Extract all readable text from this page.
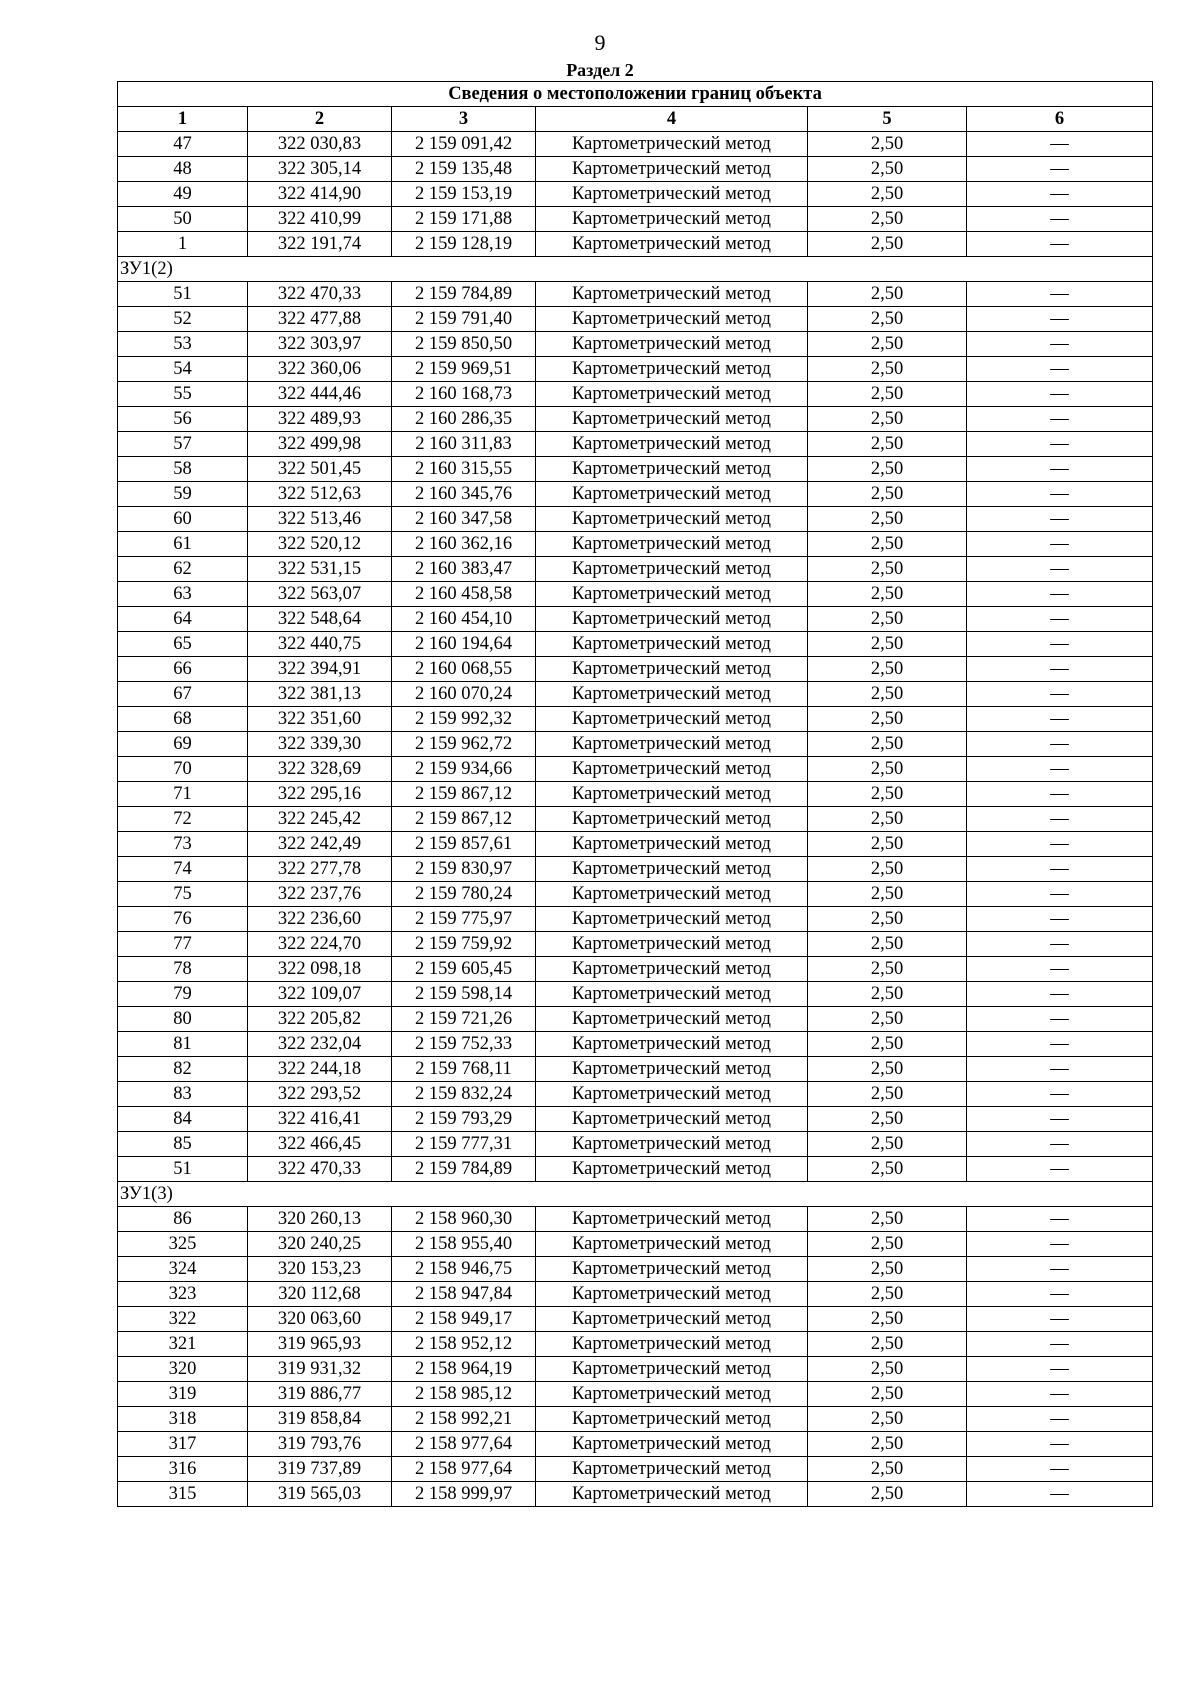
9
Раздел 2
Сведения о местоположении границ объекта					
1	2	3	4	5	6
47	322 030,83	2 159 091,42	Картометрический метод	2,50	—
48	322 305,14	2 159 135,48	Картометрический метод	2,50	—
49	322 414,90	2 159 153,19	Картометрический метод	2,50	—
50	322 410,99	2 159 171,88	Картометрический метод	2,50	—
1	322 191,74	2 159 128,19	Картометрический метод	2,50	—
ЗУ1(2)					
51	322 470,33	2 159 784,89	Картометрический метод	2,50	—
52	322 477,88	2 159 791,40	Картометрический метод	2,50	—
53	322 303,97	2 159 850,50	Картометрический метод	2,50	—
54	322 360,06	2 159 969,51	Картометрический метод	2,50	—
55	322 444,46	2 160 168,73	Картометрический метод	2,50	—
56	322 489,93	2 160 286,35	Картометрический метод	2,50	—
57	322 499,98	2 160 311,83	Картометрический метод	2,50	—
58	322 501,45	2 160 315,55	Картометрический метод	2,50	—
59	322 512,63	2 160 345,76	Картометрический метод	2,50	—
60	322 513,46	2 160 347,58	Картометрический метод	2,50	—
61	322 520,12	2 160 362,16	Картометрический метод	2,50	—
62	322 531,15	2 160 383,47	Картометрический метод	2,50	—
63	322 563,07	2 160 458,58	Картометрический метод	2,50	—
64	322 548,64	2 160 454,10	Картометрический метод	2,50	—
65	322 440,75	2 160 194,64	Картометрический метод	2,50	—
66	322 394,91	2 160 068,55	Картометрический метод	2,50	—
67	322 381,13	2 160 070,24	Картометрический метод	2,50	—
68	322 351,60	2 159 992,32	Картометрический метод	2,50	—
69	322 339,30	2 159 962,72	Картометрический метод	2,50	—
70	322 328,69	2 159 934,66	Картометрический метод	2,50	—
71	322 295,16	2 159 867,12	Картометрический метод	2,50	—
72	322 245,42	2 159 867,12	Картометрический метод	2,50	—
73	322 242,49	2 159 857,61	Картометрический метод	2,50	—
74	322 277,78	2 159 830,97	Картометрический метод	2,50	—
75	322 237,76	2 159 780,24	Картометрический метод	2,50	—
76	322 236,60	2 159 775,97	Картометрический метод	2,50	—
77	322 224,70	2 159 759,92	Картометрический метод	2,50	—
78	322 098,18	2 159 605,45	Картометрический метод	2,50	—
79	322 109,07	2 159 598,14	Картометрический метод	2,50	—
80	322 205,82	2 159 721,26	Картометрический метод	2,50	—
81	322 232,04	2 159 752,33	Картометрический метод	2,50	—
82	322 244,18	2 159 768,11	Картометрический метод	2,50	—
83	322 293,52	2 159 832,24	Картометрический метод	2,50	—
84	322 416,41	2 159 793,29	Картометрический метод	2,50	—
85	322 466,45	2 159 777,31	Картометрический метод	2,50	—
51	322 470,33	2 159 784,89	Картометрический метод	2,50	—
ЗУ1(3)					
86	320 260,13	2 158 960,30	Картометрический метод	2,50	—
325	320 240,25	2 158 955,40	Картометрический метод	2,50	—
324	320 153,23	2 158 946,75	Картометрический метод	2,50	—
323	320 112,68	2 158 947,84	Картометрический метод	2,50	—
322	320 063,60	2 158 949,17	Картометрический метод	2,50	—
321	319 965,93	2 158 952,12	Картометрический метод	2,50	—
320	319 931,32	2 158 964,19	Картометрический метод	2,50	—
319	319 886,77	2 158 985,12	Картометрический метод	2,50	—
318	319 858,84	2 158 992,21	Картометрический метод	2,50	—
317	319 793,76	2 158 977,64	Картометрический метод	2,50	—
316	319 737,89	2 158 977,64	Картометрический метод	2,50	—
315	319 565,03	2 158 999,97	Картометрический метод	2,50	—
